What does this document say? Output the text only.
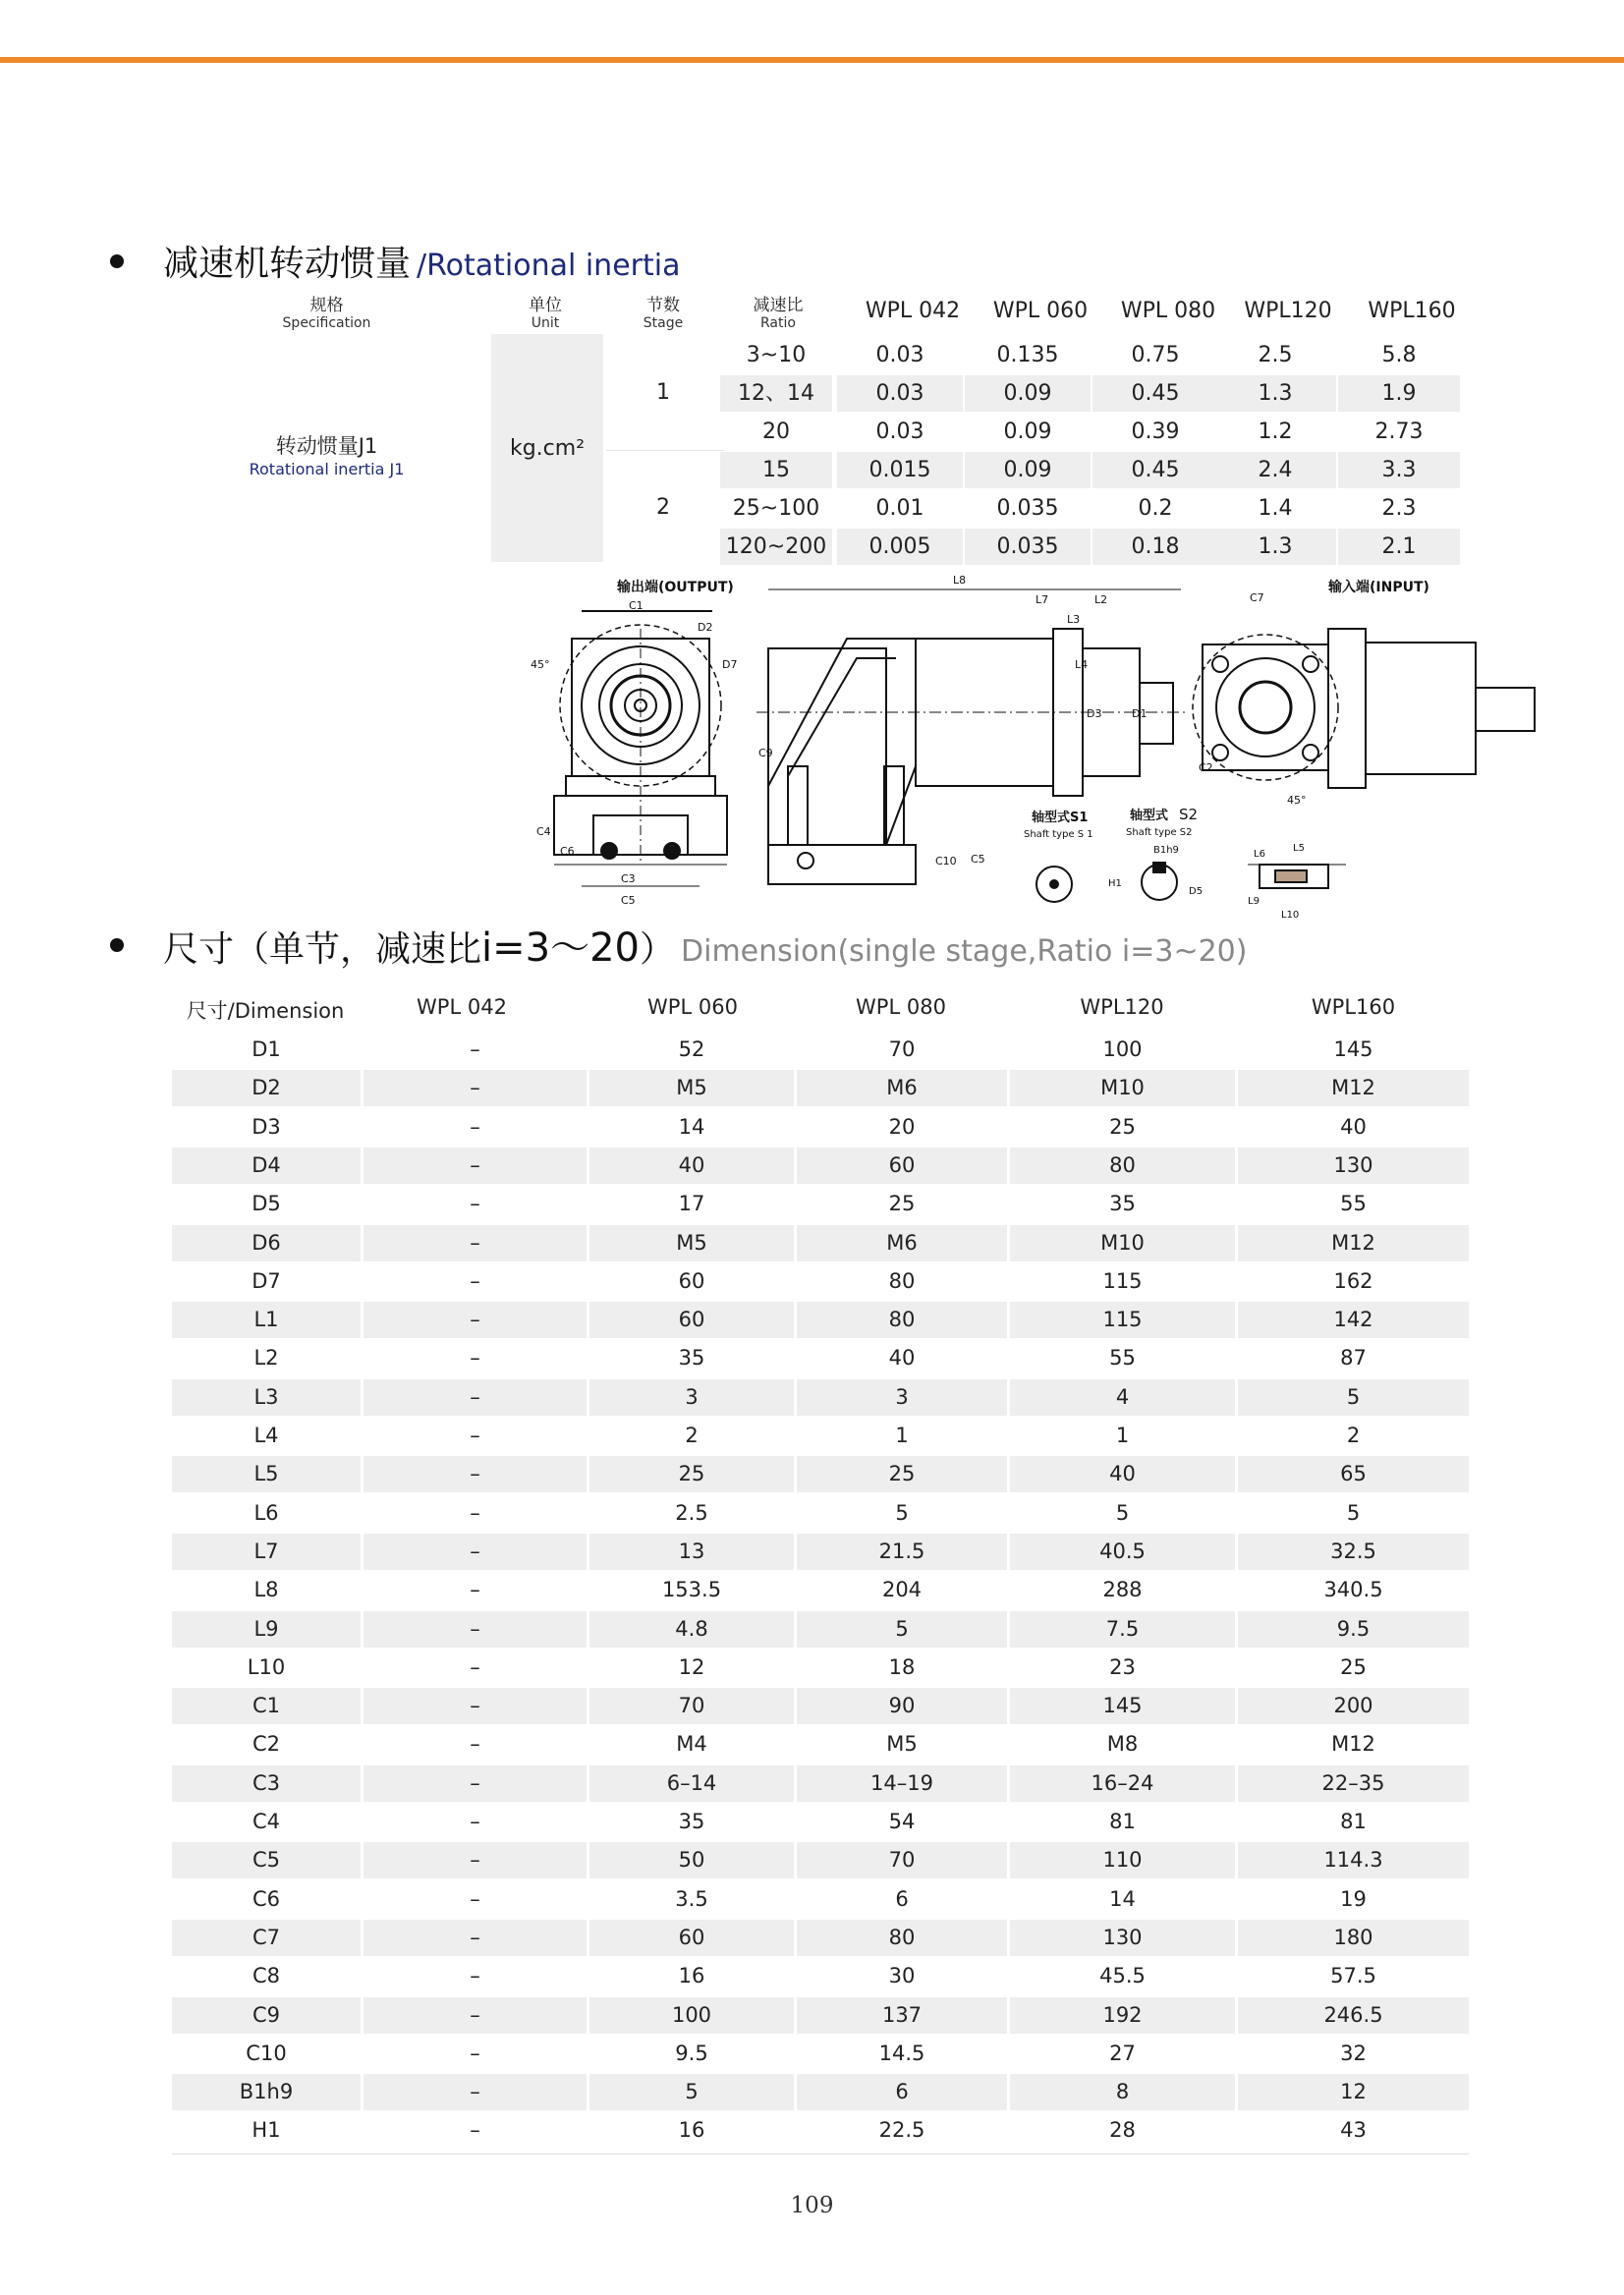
减速机转动惯量 /Rotational inertia
规格
Specification
单位
Unit
节数
Stage
减速比
Ratio	WPL 042	WPL 060	WPL 080	WPL120	WPL160
kg.cm²
转动惯量J1
Rotational inertia J1
1
2
3~10	0.03	0.135	0.75	2.5	5.8
12、14	0.03	0.09	0.45	1.3	1.9
20	0.03	0.09	0.39	1.2	2.73
15	0.015	0.09	0.45	2.4	3.3
25~100	0.01	0.035	0.2	1.4	2.3
120~200	0.005	0.035	0.18	1.3	2.1
输出端(OUTPUT)
C1
C3
C5
C4
C6
45°
D2
D7
L8
C9
C10 C5
L7	L2
L3
L4
D1
D3
输入端(INPUT)
C7
C2
45°
轴型式S1
Shaft type S 1
轴型式 S2
Shaft type S2
B1h9
H1
D5
L6
L5
L9
L10
尺寸（单节，减速比 i=3～20 ） Dimension(single stage,Ratio i=3~20)
尺寸/Dimension	WPL 042	WPL 060	WPL 080	WPL120	WPL160
D1	–	52	70	100	145
D2	–	M5	M6	M10	M12
D3	–	14	20	25	40
D4	–	40	60	80	130
D5	–	17	25	35	55
D6	–	M5	M6	M10	M12
D7	–	60	80	115	162
L1	–	60	80	115	142
L2	–	35	40	55	87
L3	–	3	3	4	5
L4	–	2	1	1	2
L5	–	25	25	40	65
L6	–	2.5	5	5	5
L7	–	13	21.5	40.5	32.5
L8	–	153.5	204	288	340.5
L9	–	4.8	5	7.5	9.5
L10	–	12	18	23	25
C1	–	70	90	145	200
C2	–	M4	M5	M8	M12
C3	–	6–14	14–19	16–24	22–35
C4	–	35	54	81	81
C5	–	50	70	110	114.3
C6	–	3.5	6	14	19
C7	–	60	80	130	180
C8	–	16	30	45.5	57.5
C9	–	100	137	192	246.5
C10	–	9.5	14.5	27	32
B1h9	–	5	6	8	12
H1	–	16	22.5	28	43
109
